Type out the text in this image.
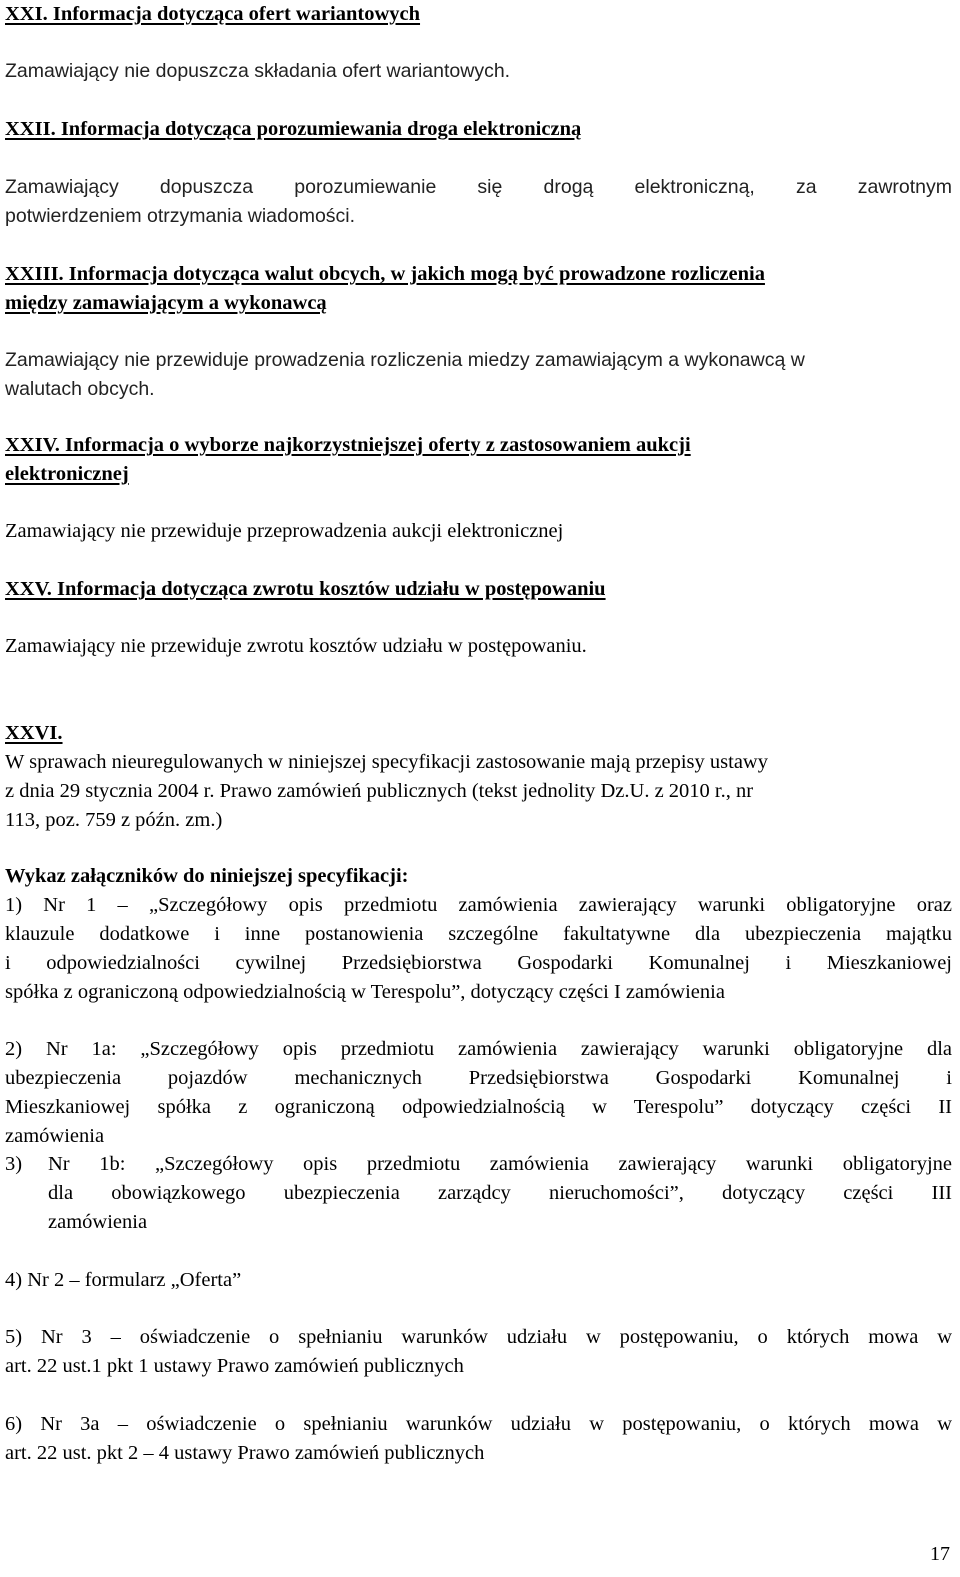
XXI. Informacja dotycząca ofert wariantowych
Zamawiający nie dopuszcza składania ofert wariantowych.
XXII. Informacja dotycząca porozumiewania droga elektroniczną
Zamawiający dopuszcza porozumiewanie się drogą elektroniczną, za zawrotnym
potwierdzeniem otrzymania wiadomości.
XXIII. Informacja dotycząca walut obcych, w jakich mogą być prowadzone rozliczenia
między zamawiającym a wykonawcą
Zamawiający nie przewiduje prowadzenia rozliczenia miedzy zamawiającym a wykonawcą w
walutach obcych.
XXIV. Informacja o wyborze najkorzystniejszej oferty z zastosowaniem aukcji
elektronicznej
Zamawiający nie przewiduje przeprowadzenia aukcji elektronicznej
XXV. Informacja dotycząca zwrotu kosztów udziału w postępowaniu
Zamawiający nie przewiduje zwrotu kosztów udziału w postępowaniu.
XXVI.
W sprawach nieuregulowanych w niniejszej specyfikacji zastosowanie mają przepisy ustawy
z dnia 29 stycznia 2004 r. Prawo zamówień publicznych (tekst jednolity Dz.U. z 2010 r., nr
113, poz. 759 z późn. zm.)
Wykaz załączników do niniejszej specyfikacji:
1) Nr 1 – „Szczegółowy opis przedmiotu zamówienia zawierający warunki obligatoryjne oraz
klauzule dodatkowe i inne postanowienia szczególne fakultatywne dla ubezpieczenia majątku
i odpowiedzialności cywilnej Przedsiębiorstwa Gospodarki Komunalnej i Mieszkaniowej
spółka z ograniczoną odpowiedzialnością w Terespolu”, dotyczący części I zamówienia
2) Nr 1a: „Szczegółowy opis przedmiotu zamówienia zawierający warunki obligatoryjne dla
ubezpieczenia pojazdów mechanicznych Przedsiębiorstwa Gospodarki Komunalnej i
Mieszkaniowej spółka z ograniczoną odpowiedzialnością w Terespolu” dotyczący części II
zamówienia
3) Nr 1b: „Szczegółowy opis przedmiotu zamówienia zawierający warunki obligatoryjne
dla obowiązkowego ubezpieczenia zarządcy nieruchomości”, dotyczący części III
zamówienia
4) Nr 2 – formularz „Oferta”
5) Nr 3 – oświadczenie o spełnianiu warunków udziału w postępowaniu, o których mowa w
art. 22 ust.1 pkt 1 ustawy Prawo zamówień publicznych
6) Nr 3a – oświadczenie o spełnianiu warunków udziału w postępowaniu, o których mowa w
art. 22 ust. pkt 2 – 4 ustawy Prawo zamówień publicznych
17
